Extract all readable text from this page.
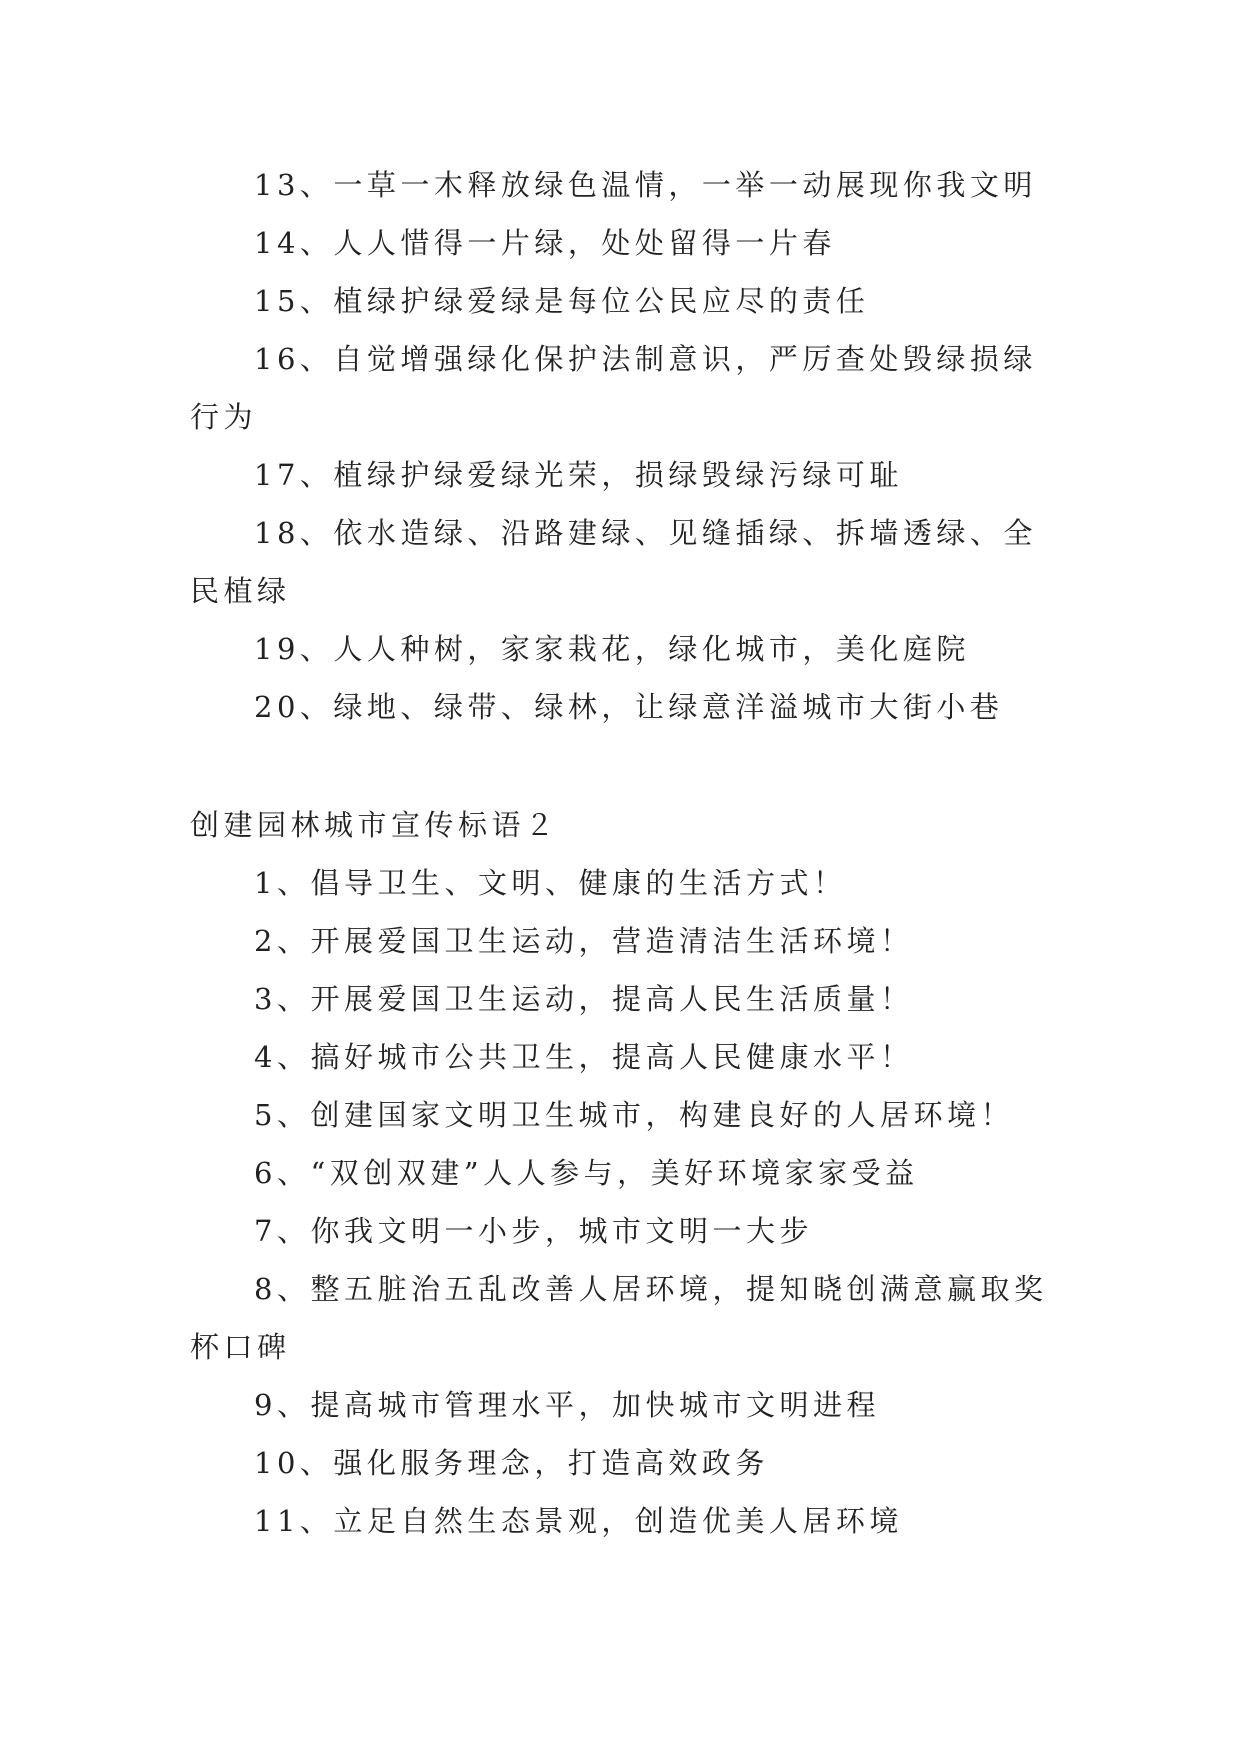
13、一草一木释放绿色温情，一举一动展现你我文明

14、人人惜得一片绿，处处留得一片春

15、植绿护绿爱绿是每位公民应尽的责任

16、自觉增强绿化保护法制意识，严厉查处毁绿损绿行为

17、植绿护绿爱绿光荣，损绿毁绿污绿可耻

18、依水造绿、沿路建绿、见缝插绿、拆墙透绿、全民植绿

19、人人种树，家家栽花，绿化城市，美化庭院

20、绿地、绿带、绿林，让绿意洋溢城市大街小巷

创建园林城市宣传标语２

1、倡导卫生、文明、健康的生活方式！

2、开展爱国卫生运动，营造清洁生活环境！

3、开展爱国卫生运动，提高人民生活质量！

4、搞好城市公共卫生，提高人民健康水平！

5、创建国家文明卫生城市，构建良好的人居环境！

6、“双创双建”人人参与，美好环境家家受益

7、你我文明一小步，城市文明一大步

8、整五脏治五乱改善人居环境，提知晓创满意赢取奖杯口碑

9、提高城市管理水平，加快城市文明进程

10、强化服务理念，打造高效政务

11、立足自然生态景观，创造优美人居环境
